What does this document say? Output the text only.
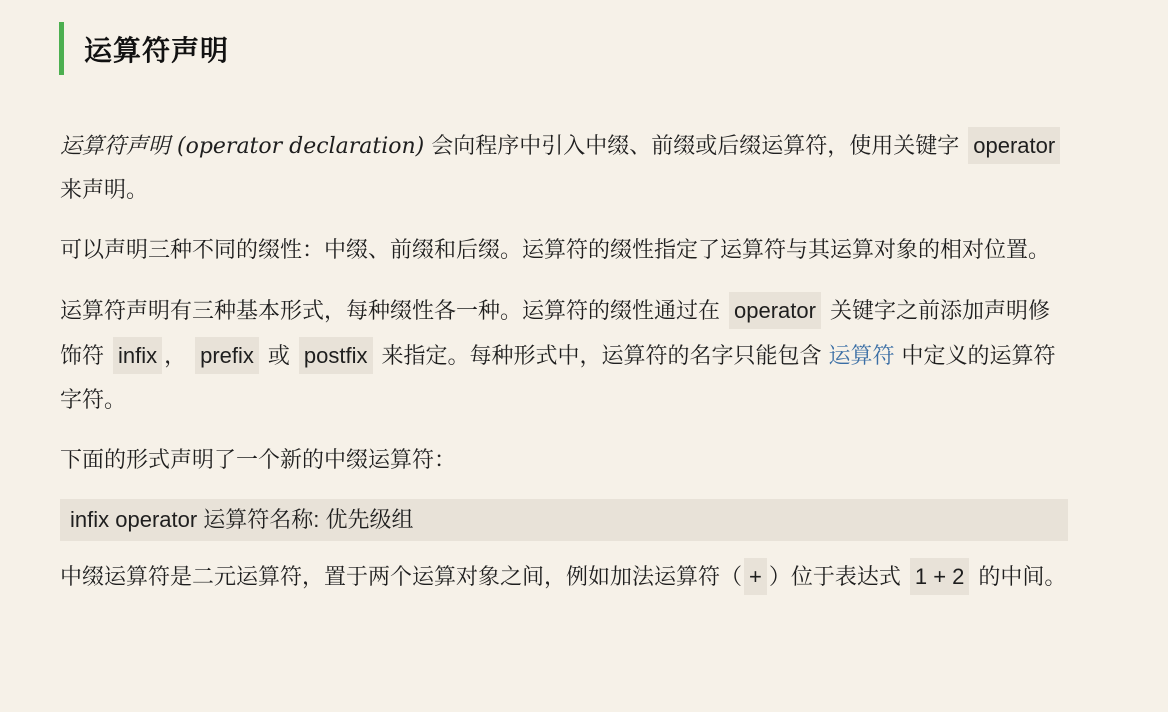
运算符声明

运算符声明 (operator declaration) 会向程序中引入中缀、前缀或后缀运算符，使用关键字 operator 来声明。

可以声明三种不同的缀性：中缀、前缀和后缀。运算符的缀性指定了运算符与其运算对象的相对位置。

运算符声明有三种基本形式，每种缀性各一种。运算符的缀性通过在 operator 关键字之前添加声明修饰符 infix ， prefix 或 postfix 来指定。每种形式中，运算符的名字只能包含 运算符 中定义的运算符字符。

下面的形式声明了一个新的中缀运算符：

infix operator 运算符名称: 优先级组

中缀运算符是二元运算符，置于两个运算对象之间，例如加法运算符（ + ）位于表达式 1 + 2 的中间。
